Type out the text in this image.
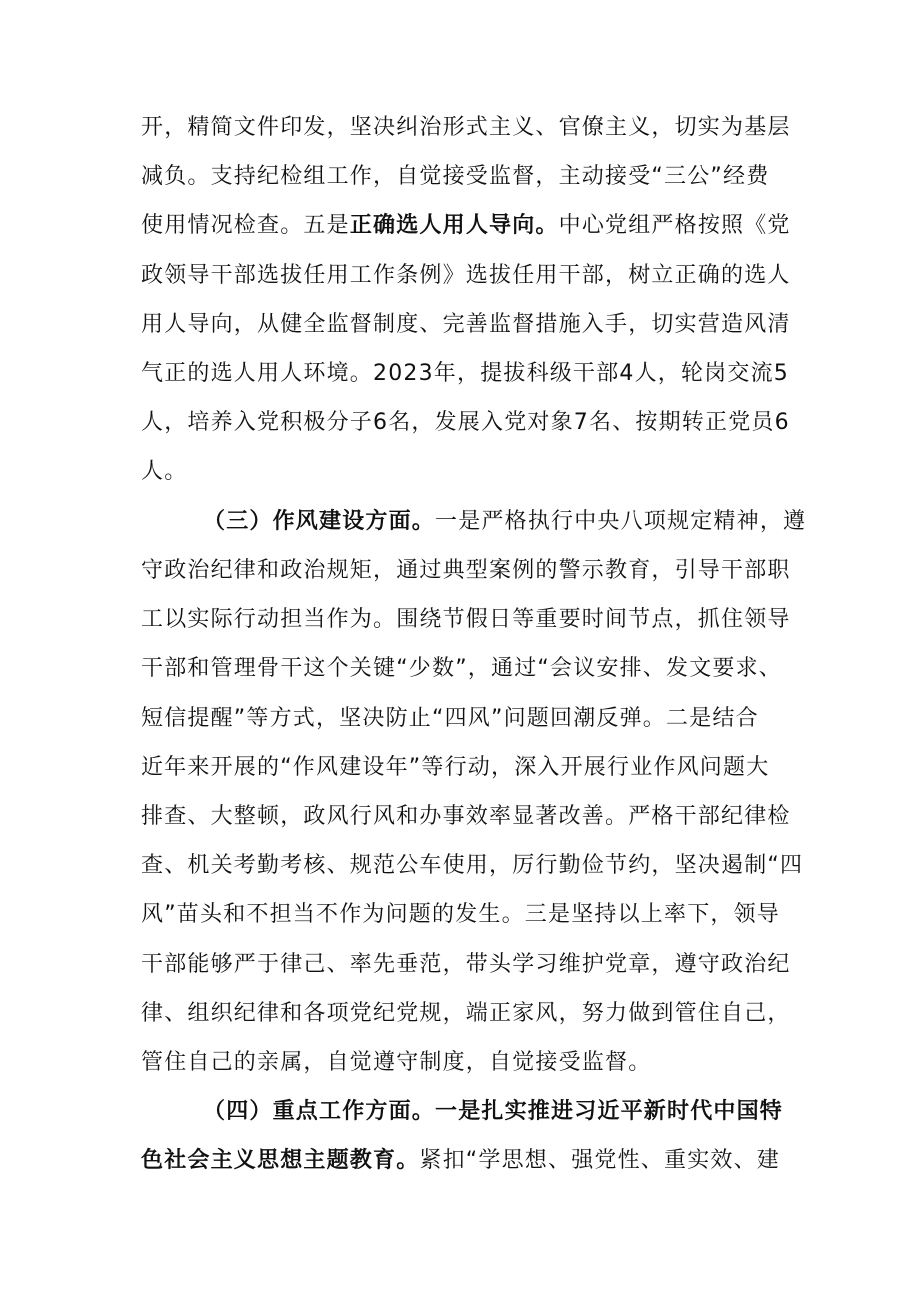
开，精简文件印发，坚决纠治形式主义、官僚主义，切实为基层
减负。支持纪检组工作，自觉接受监督，主动接受“三公”经费
使用情况检查。五是正确选人用人导向。中心党组严格按照《党
政领导干部选拔任用工作条例》选拔任用干部，树立正确的选人
用人导向，从健全监督制度、完善监督措施入手，切实营造风清
气正的选人用人环境。2023年，提拔科级干部4人，轮岗交流5
人，培养入党积极分子6名，发展入党对象7名、按期转正党员6
人。
（三）作风建设方面。一是严格执行中央八项规定精神，遵
守政治纪律和政治规矩，通过典型案例的警示教育，引导干部职
工以实际行动担当作为。围绕节假日等重要时间节点，抓住领导
干部和管理骨干这个关键“少数”，通过“会议安排、发文要求、
短信提醒”等方式，坚决防止“四风”问题回潮反弹。二是结合
近年来开展的“作风建设年”等行动，深入开展行业作风问题大
排查、大整顿，政风行风和办事效率显著改善。严格干部纪律检
查、机关考勤考核、规范公车使用，厉行勤俭节约，坚决遏制“四
风”苗头和不担当不作为问题的发生。三是坚持以上率下，领导
干部能够严于律己、率先垂范，带头学习维护党章，遵守政治纪
律、组织纪律和各项党纪党规，端正家风，努力做到管住自己，
管住自己的亲属，自觉遵守制度，自觉接受监督。
（四）重点工作方面。一是扎实推进习近平新时代中国特
色社会主义思想主题教育。紧扣“学思想、强党性、重实效、建
